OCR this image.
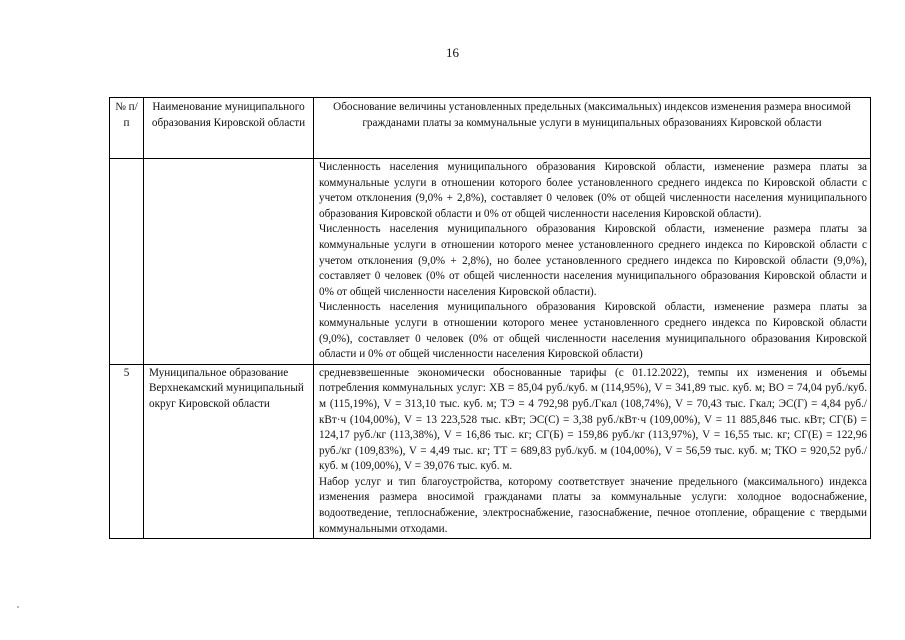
16
№ п/п	Наименование муниципального образования Кировской области	Обоснование величины установленных предельных (максимальных) индексов изменения размера вносимой гражданами платы за коммунальные услуги в муниципальных образованиях Кировской области

		Численность населения муниципального образования Кировской области, изменение размера платы за коммунальные услуги в отношении которого более установленного среднего индекса по Кировской области с учетом отклонения (9,0% + 2,8%), составляет 0 человек (0% от общей численности населения муниципального образования Кировской области и 0% от общей численности населения Кировской области).

Численность населения муниципального образования Кировской области, изменение размера платы за коммунальные услуги в отношении которого менее установленного среднего индекса по Кировской области с учетом отклонения (9,0% + 2,8%), но более установленного среднего индекса по Кировской области (9,0%), составляет 0 человек (0% от общей численности населения муниципального образования Кировской области и 0% от общей численности населения Кировской области).

Численность населения муниципального образования Кировской области, изменение размера платы за коммунальные услуги в отношении которого менее установленного среднего индекса по Кировской области (9,0%), составляет 0 человек (0% от общей численности населения муниципального образования Кировской области и 0% от общей численности населения Кировской области)

5	Муниципальное образование Верхнекамский муниципальный округ Кировской области	средневзвешенные экономически обоснованные тарифы (с 01.12.2022), темпы их изменения и объемы потребления коммунальных услуг: ХВ = 85,04 руб./куб. м (114,95%), V = 341,89 тыс. куб. м; ВО = 74,04 руб./куб. м (115,19%), V = 313,10 тыс. куб. м; ТЭ = 4 792,98 руб./Гкал (108,74%), V = 70,43 тыс. Гкал; ЭС(Г) = 4,84 руб./кВт·ч (104,00%), V = 13 223,528 тыс. кВт; ЭС(С) = 3,38 руб./кВт·ч (109,00%), V = 11 885,846 тыс. кВт; СГ(Б) = 124,17 руб./кг (113,38%), V = 16,86 тыс. кг; СГ(Б) = 159,86 руб./кг (113,97%), V = 16,55 тыс. кг; СГ(Е) = 122,96 руб./кг (109,83%), V = 4,49 тыс. кг; ТТ = 689,83 руб./куб. м (104,00%), V = 56,59 тыс. куб. м; ТКО = 920,52 руб./куб. м (109,00%), V = 39,076 тыс. куб. м.

Набор услуг и тип благоустройства, которому соответствует значение предельного (максимального) индекса изменения размера вносимой гражданами платы за коммунальные услуги: холодное водоснабжение, водоотведение, теплоснабжение, электроснабжение, газоснабжение, печное отопление, обращение с твердыми коммунальными отходами.
